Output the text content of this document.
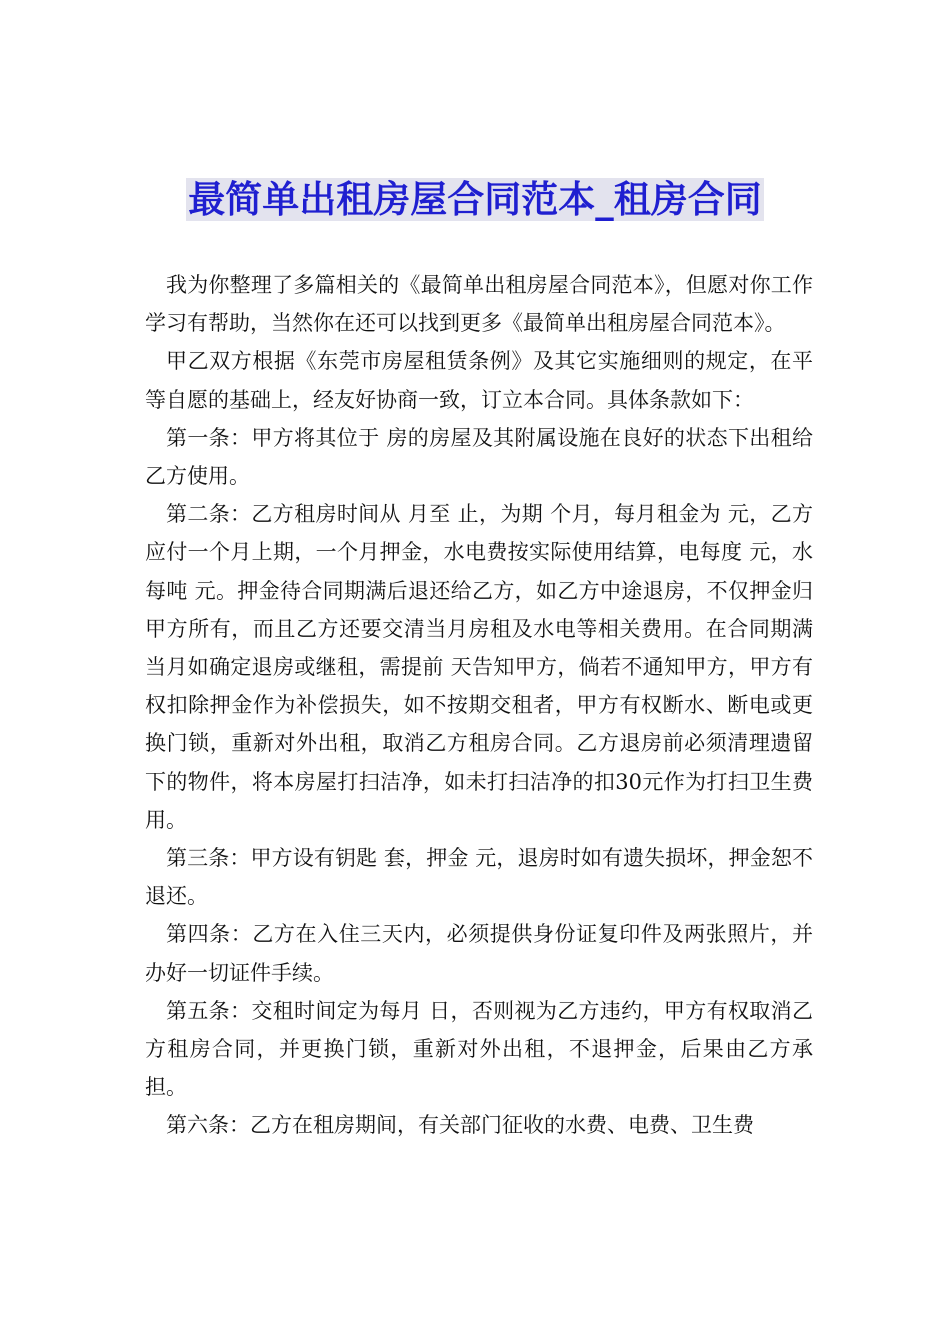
最简单出租房屋合同范本_租房合同

我为你整理了多篇相关的《最简单出租房屋合同范本》，但愿对你工作学习有帮助，当然你在还可以找到更多《最简单出租房屋合同范本》。

甲乙双方根据《东莞市房屋租赁条例》及其它实施细则的规定，在平等自愿的基础上，经友好协商一致，订立本合同。具体条款如下：

第一条：甲方将其位于 房的房屋及其附属设施在良好的状态下出租给乙方使用。

第二条：乙方租房时间从 月至 止，为期 个月，每月租金为 元，乙方应付一个月上期，一个月押金，水电费按实际使用结算，电每度 元，水每吨 元。押金待合同期满后退还给乙方，如乙方中途退房，不仅押金归甲方所有，而且乙方还要交清当月房租及水电等相关费用。在合同期满当月如确定退房或继租，需提前 天告知甲方，倘若不通知甲方，甲方有权扣除押金作为补偿损失，如不按期交租者，甲方有权断水、断电或更换门锁，重新对外出租，取消乙方租房合同。乙方退房前必须清理遗留下的物件，将本房屋打扫洁净，如未打扫洁净的扣30元作为打扫卫生费用。

第三条：甲方设有钥匙 套，押金 元，退房时如有遗失损坏，押金恕不退还。

第四条：乙方在入住三天内，必须提供身份证复印件及两张照片，并办好一切证件手续。

第五条：交租时间定为每月 日，否则视为乙方违约，甲方有权取消乙方租房合同，并更换门锁，重新对外出租，不退押金，后果由乙方承担。

第六条：乙方在租房期间，有关部门征收的水费、电费、卫生费
